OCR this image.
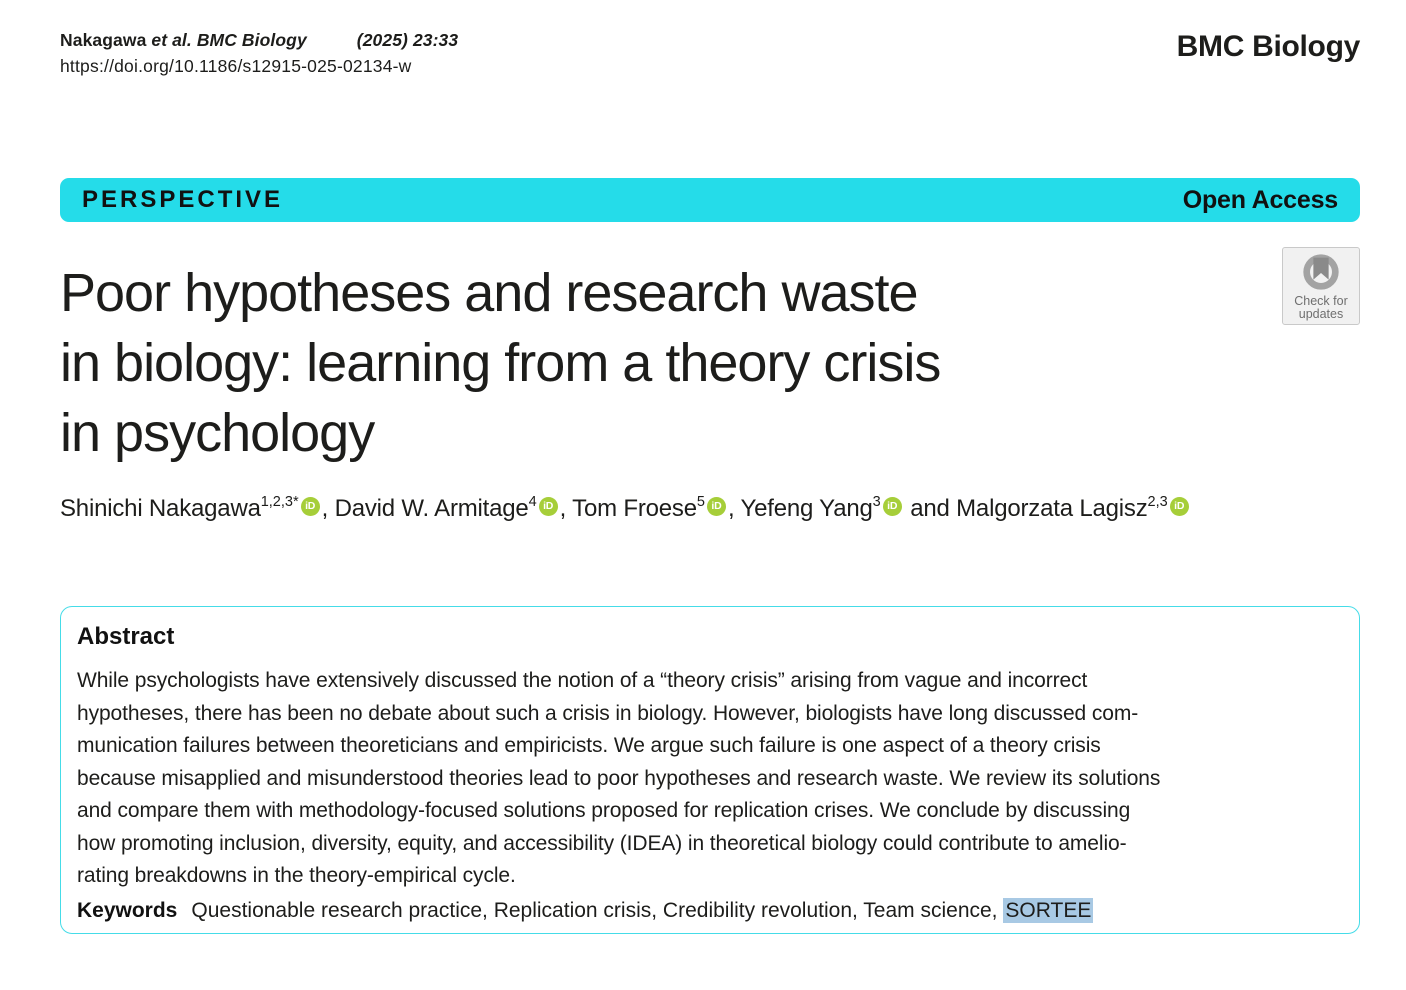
Nakagawa et al. BMC Biology	(2025) 23:33
https://doi.org/10.1186/s12915-025-02134-w
BMC Biology
PERSPECTIVE	Open Access
Check for
updates
Poor hypotheses and research waste
in biology: learning from a theory crisis
in psychology
Shinichi Nakagawa$^{1,2,3*}$ iD , David W. Armitage$^4$ iD , Tom Froese$^5$ iD , Yefeng Yang$^3$ iD and Malgorzata Lagisz$^{2,3}$ iD
Abstract
While psychologists have extensively discussed the notion of a “theory crisis” arising from vague and incorrect
hypotheses, there has been no debate about such a crisis in biology. However, biologists have long discussed com-
munication failures between theoreticians and empiricists. We argue such failure is one aspect of a theory crisis
because misapplied and misunderstood theories lead to poor hypotheses and research waste. We review its solutions
and compare them with methodology-focused solutions proposed for replication crises. We conclude by discussing
how promoting inclusion, diversity, equity, and accessibility (IDEA) in theoretical biology could contribute to amelio-
rating breakdowns in the theory-empirical cycle.
Keywords Questionable research practice, Replication crisis, Credibility revolution, Team science, SORTEE
